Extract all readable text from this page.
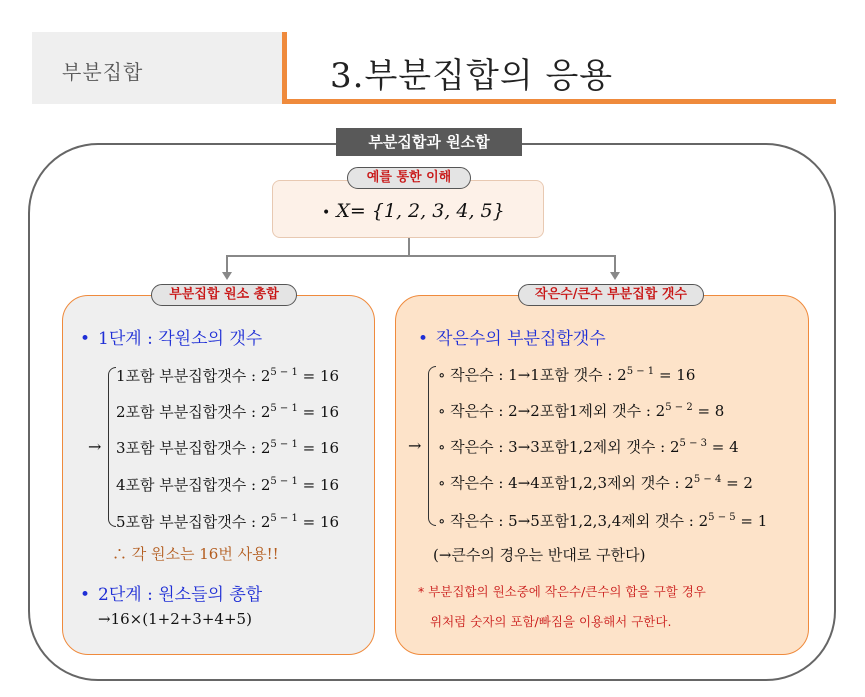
부분집합	3.부분집합의 응용
부분집합과 원소합
예를 통한 이해
• X= {1, 2, 3, 4, 5}
부분집합 원소 총합
• 1단계 : 각원소의 갯수
→
1포함 부분집합갯수 : $2^{5 - 1} = 16$
2포함 부분집합갯수 : $2^{5 - 1} = 16$
3포함 부분집합갯수 : $2^{5 - 1} = 16$
4포함 부분집합갯수 : $2^{5 - 1} = 16$
5포함 부분집합갯수 : $2^{5 - 1} = 16$
∴ 각 원소는 16번 사용!!
• 2단계 : 원소들의 총합
→16×(1+2+3+4+5)
작은수/큰수 부분집합 갯수
• 작은수의 부분집합갯수
→
∘ 작은수 : 1→1포함 갯수 : $2^{5 - 1} = 16$
∘ 작은수 : 2→2포함1제외 갯수 : $2^{5 - 2} = 8$
∘ 작은수 : 3→3포함1,2제외 갯수 : $2^{5 - 3} = 4$
∘ 작은수 : 4→4포함1,2,3제외 갯수 : $2^{5 - 4} = 2$
∘ 작은수 : 5→5포함1,2,3,4제외 갯수 : $2^{5 - 5} = 1$
(→큰수의 경우는 반대로 구한다)
* 부분집합의 원소중에 작은수/큰수의 합을 구할 경우
위처럼 숫자의 포함/빠짐을 이용해서 구한다.
